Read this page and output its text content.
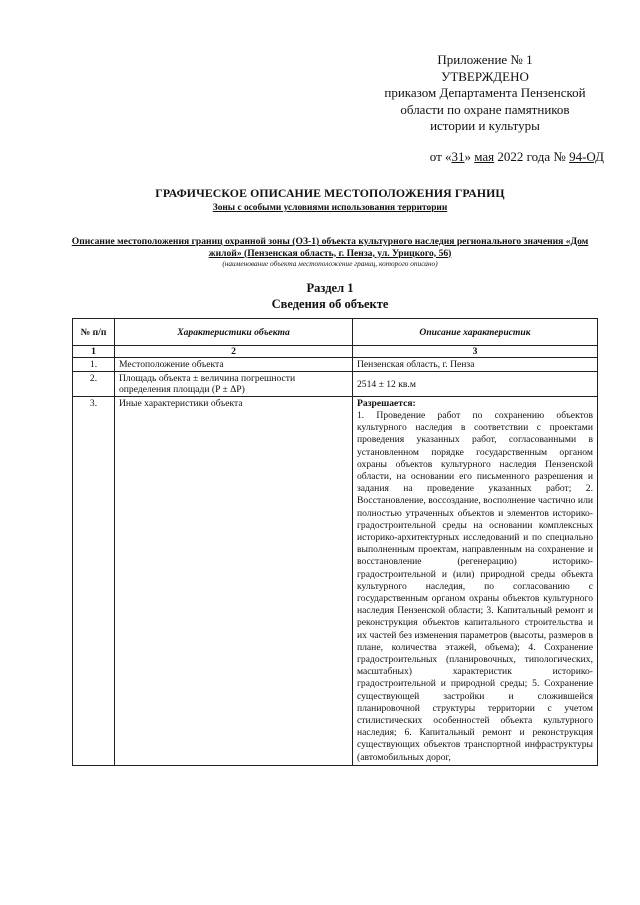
Приложение № 1
УТВЕРЖДЕНО
приказом Департамента Пензенской
области по охране памятников
истории и культуры
от «31» мая 2022 года № 94-ОД
ГРАФИЧЕСКОЕ ОПИСАНИЕ МЕСТОПОЛОЖЕНИЯ ГРАНИЦ
Зоны с особыми условиями использования территории
Описание местоположения границ охранной зоны (ОЗ-1) объекта культурного наследия регионального значения «Дом жилой» (Пензенская область, г. Пенза, ул. Урицкого, 56)
(наименование объекта местоположение границ, которого описано)
Раздел 1
Сведения об объекте
№ п/п	Характеристики объекта	Описание характеристик
1	2	3
1.	Местоположение объекта	Пензенская область, г. Пенза
2.	Площадь объекта ± величина погрешности определения площади (P ± ΔP)	2514 ± 12 кв.м
3.	Иные характеристики объекта	Разрешается:
1. Проведение работ по сохранению объектов культурного наследия в соответствии с проектами проведения указанных работ, согласованными в установленном порядке государственным органом охраны объектов культурного наследия Пензенской области, на основании его письменного разрешения и задания на проведение указанных работ; 2. Восстановление, воссоздание, восполнение частично или полностью утраченных объектов и элементов историко-градостроительной среды на основании комплексных историко-архитектурных исследований и по специально выполненным проектам, направленным на сохранение и восстановление (регенерацию) историко-градостроительной и (или) природной среды объекта культурного наследия, по согласованию с государственным органом охраны объектов культурного наследия Пензенской области; 3. Капитальный ремонт и реконструкция объектов капитального строительства и их частей без изменения параметров (высоты, размеров в плане, количества этажей, объема); 4. Сохранение градостроительных (планировочных, типологических, масштабных) характеристик историко-градостроительной и природной среды; 5. Сохранение существующей застройки и сложившейся планировочной структуры территории с учетом стилистических особенностей объекта культурного наследия; 6. Капитальный ремонт и реконструкция существующих объектов транспортной инфраструктуры (автомобильных дорог,
